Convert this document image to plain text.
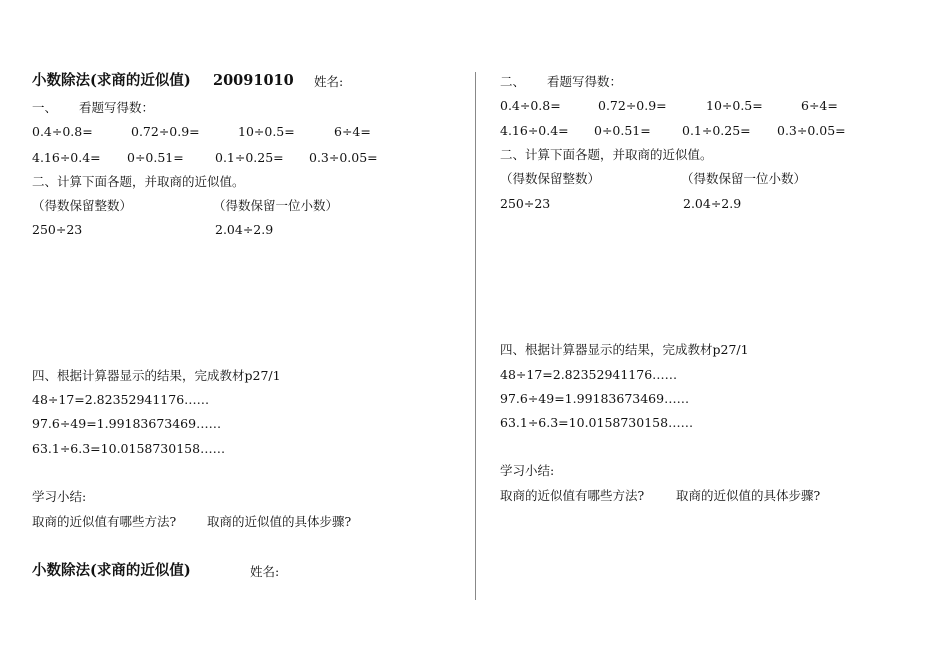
小数除法(求商的近似值) 20091010 姓名:
一、 看题写得数：
0.4÷0.8=	0.72÷0.9=	10÷0.5=	6÷4=
4.16÷0.4= 0÷0.51=	0.1÷0.25= 0.3÷0.05=
二、计算下面各题，并取商的近似值。
（得数保留整数）	（得数保留一位小数）
250÷23	2.04÷2.9
四、根据计算器显示的结果，完成教材p27/1
48÷17=2.82352941176……
97.6÷49=1.99183673469……
63.1÷6.3=10.0158730158……
学习小结:
取商的近似值有哪些方法? 取商的近似值的具体步骤?
小数除法(求商的近似值)	姓名:
二、 看题写得数：
0.4÷0.8=	0.72÷0.9=	10÷0.5=	6÷4=
4.16÷0.4= 0÷0.51=	0.1÷0.25= 0.3÷0.05=
二、计算下面各题，并取商的近似值。
（得数保留整数）	（得数保留一位小数）
250÷23	2.04÷2.9
四、根据计算器显示的结果，完成教材p27/1
48÷17=2.82352941176……
97.6÷49=1.99183673469……
63.1÷6.3=10.0158730158……
学习小结:
取商的近似值有哪些方法?	取商的近似值的具体步骤?
